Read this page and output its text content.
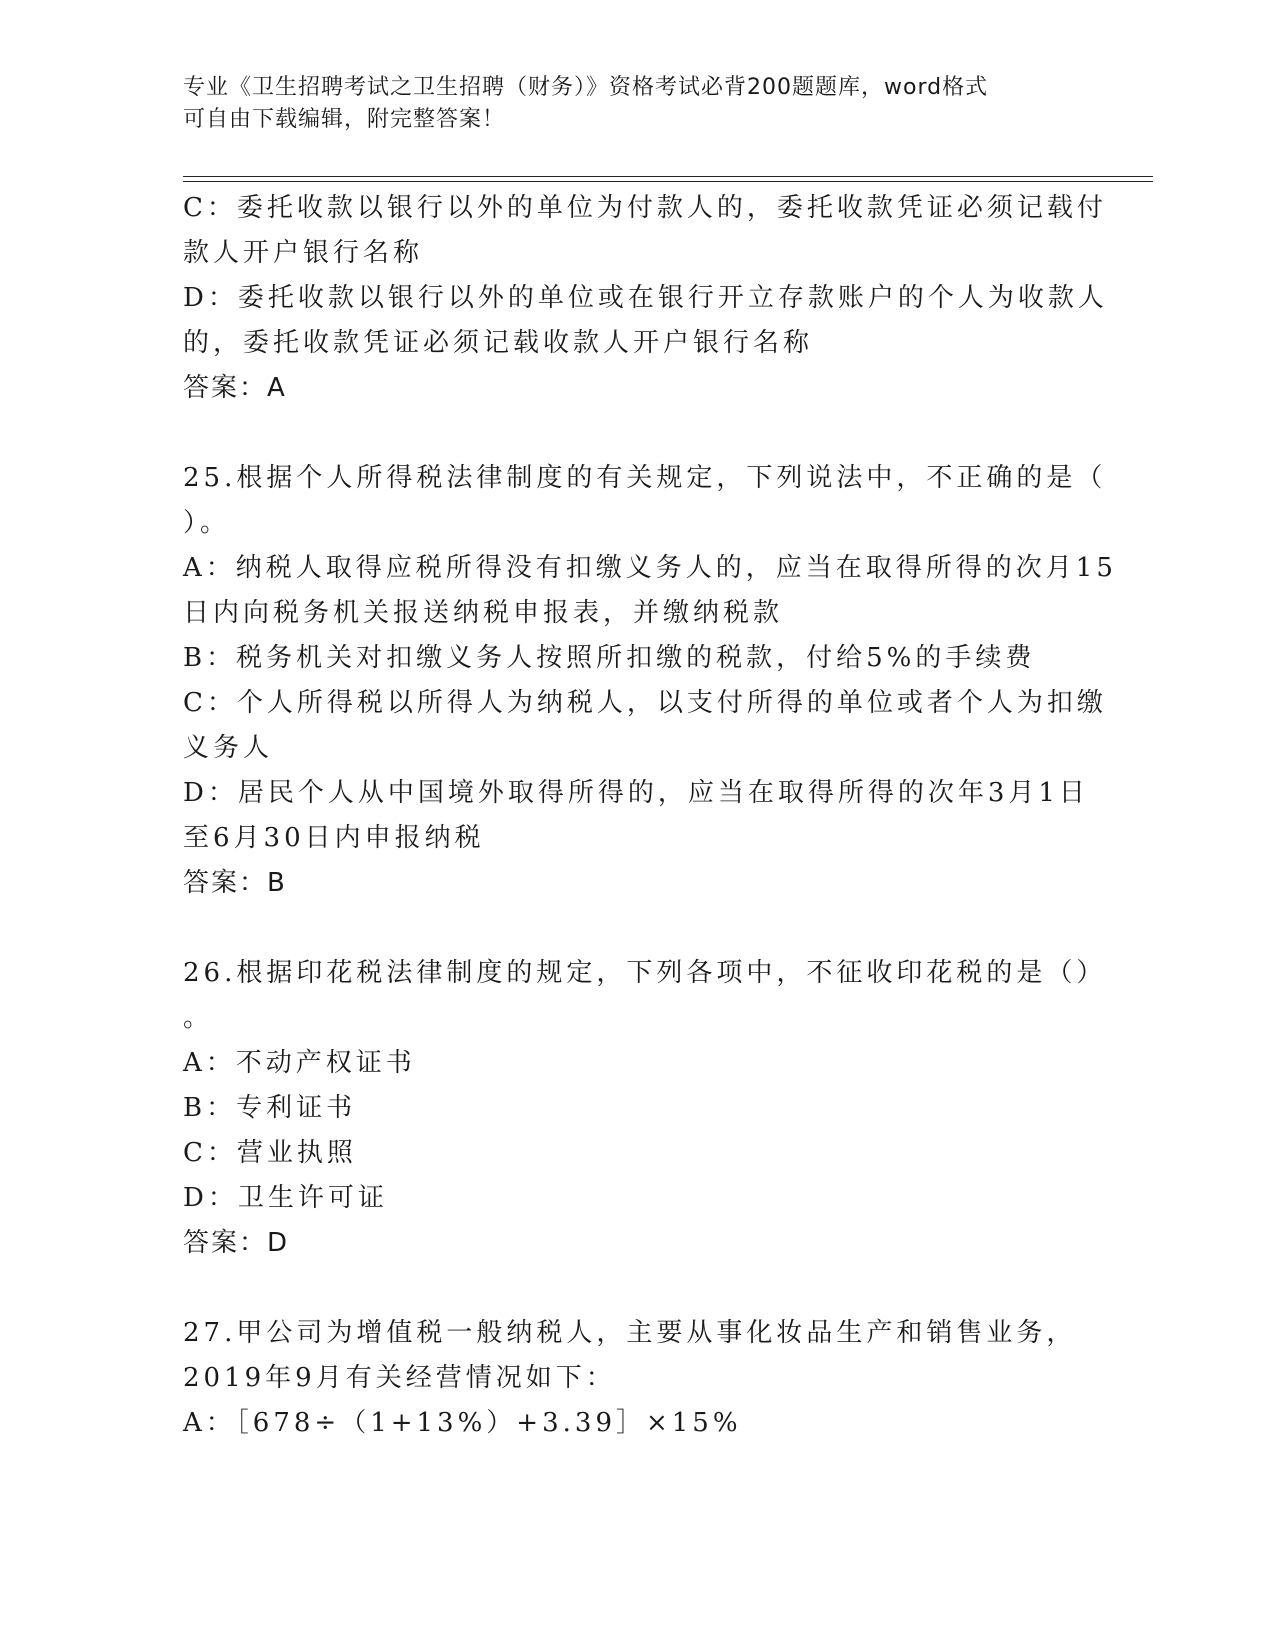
专业《卫生招聘考试之卫生招聘（财务）》资格考试必背200题题库，word格式
可自由下载编辑，附完整答案！
C：委托收款以银行以外的单位为付款人的，委托收款凭证必须记载付
款人开户银行名称
D：委托收款以银行以外的单位或在银行开立存款账户的个人为收款人
的，委托收款凭证必须记载收款人开户银行名称
答案：A
25.根据个人所得税法律制度的有关规定，下列说法中，不正确的是（
）。
A：纳税人取得应税所得没有扣缴义务人的，应当在取得所得的次月15
日内向税务机关报送纳税申报表，并缴纳税款
B：税务机关对扣缴义务人按照所扣缴的税款，付给5%的手续费
C：个人所得税以所得人为纳税人，以支付所得的单位或者个人为扣缴
义务人
D：居民个人从中国境外取得所得的，应当在取得所得的次年3月1日
至6月30日内申报纳税
答案：B
26.根据印花税法律制度的规定，下列各项中，不征收印花税的是（）
。
A：不动产权证书
B：专利证书
C：营业执照
D：卫生许可证
答案：D
27.甲公司为增值税一般纳税人，主要从事化妆品生产和销售业务，
2019年9月有关经营情况如下：
A：［678÷（1+13%）+3.39］×15%
